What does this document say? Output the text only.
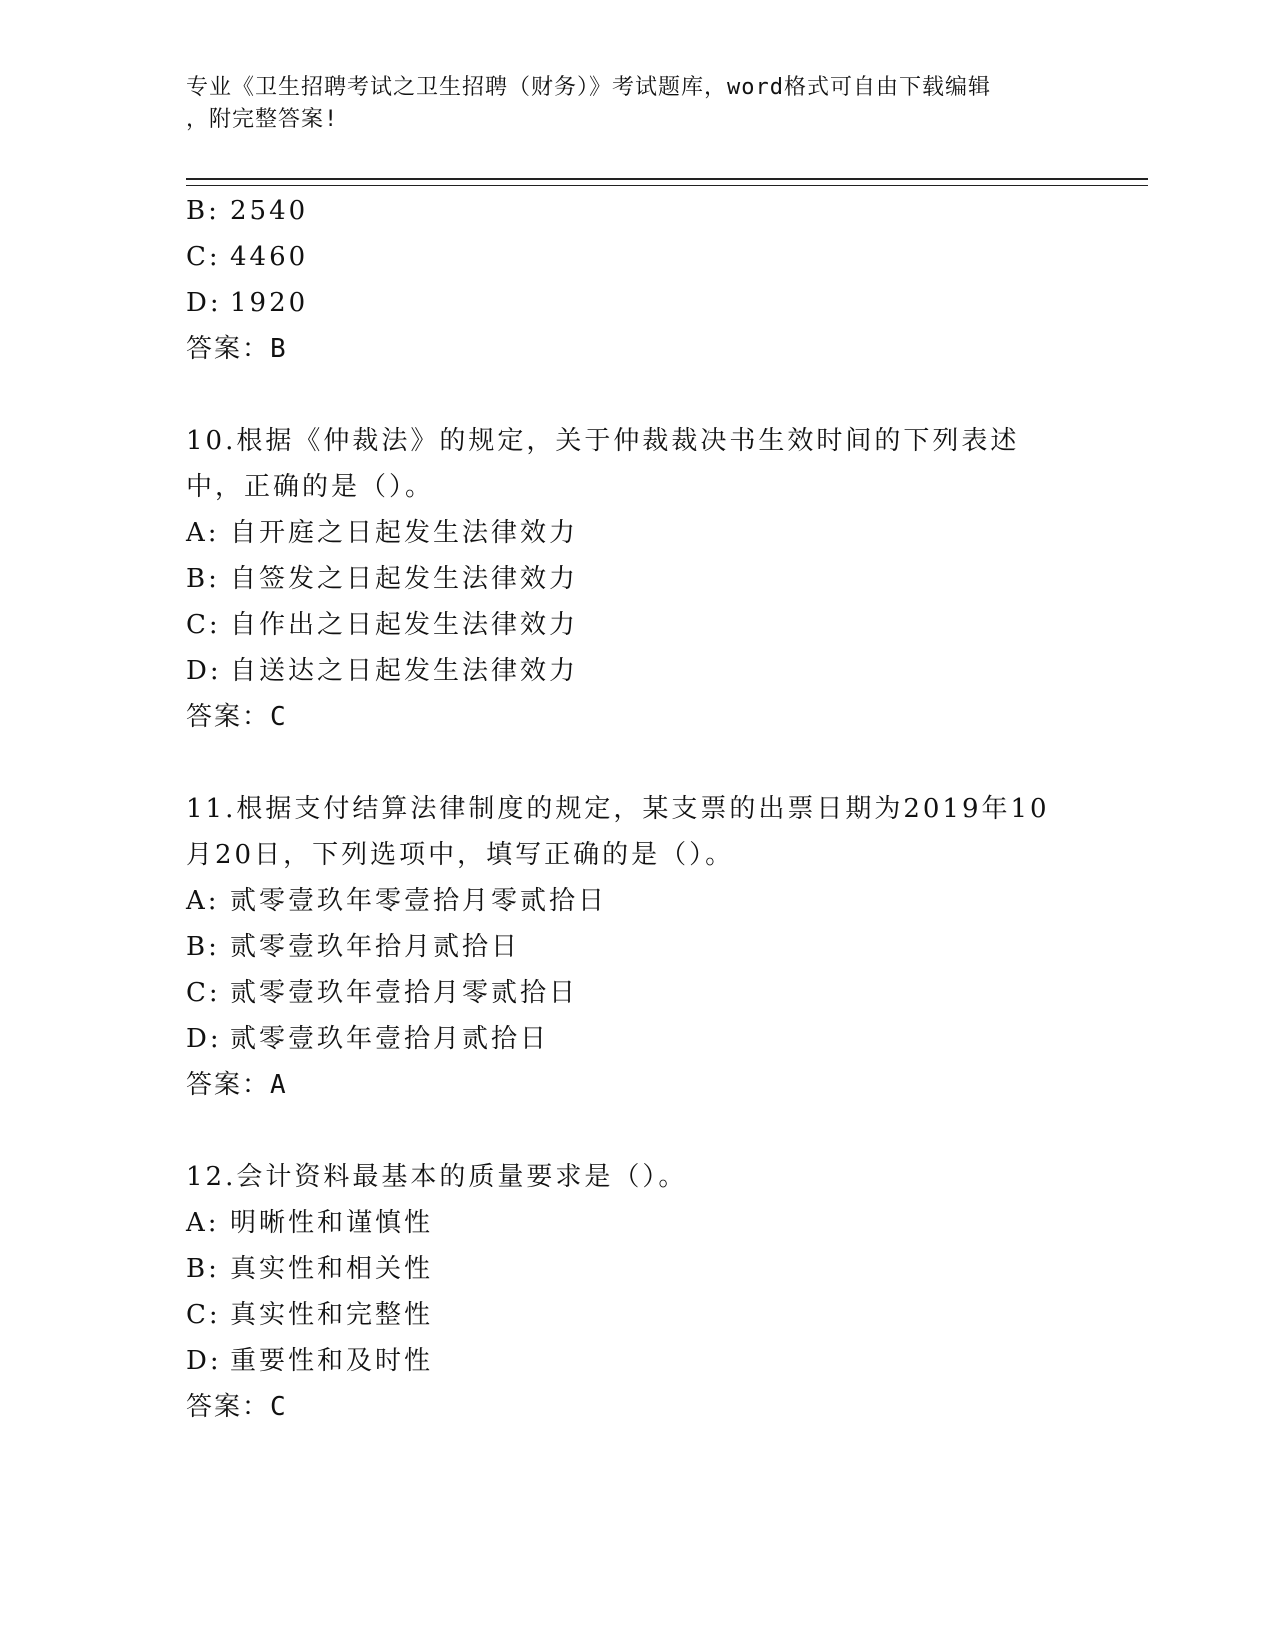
专业《卫生招聘考试之卫生招聘（财务）》考试题库，word格式可自由下载编辑
，附完整答案!
B: 2540
C: 4460
D: 1920
答案：B
10.根据《仲裁法》的规定，关于仲裁裁决书生效时间的下列表述中，正确的是（）。
A: 自开庭之日起发生法律效力
B: 自签发之日起发生法律效力
C: 自作出之日起发生法律效力
D: 自送达之日起发生法律效力
答案：C
11.根据支付结算法律制度的规定，某支票的出票日期为2019年10月20日，下列选项中，填写正确的是（）。
A: 贰零壹玖年零壹拾月零贰拾日
B: 贰零壹玖年拾月贰拾日
C: 贰零壹玖年壹拾月零贰拾日
D: 贰零壹玖年壹拾月贰拾日
答案：A
12.会计资料最基本的质量要求是（）。
A: 明晰性和谨慎性
B: 真实性和相关性
C: 真实性和完整性
D: 重要性和及时性
答案：C
